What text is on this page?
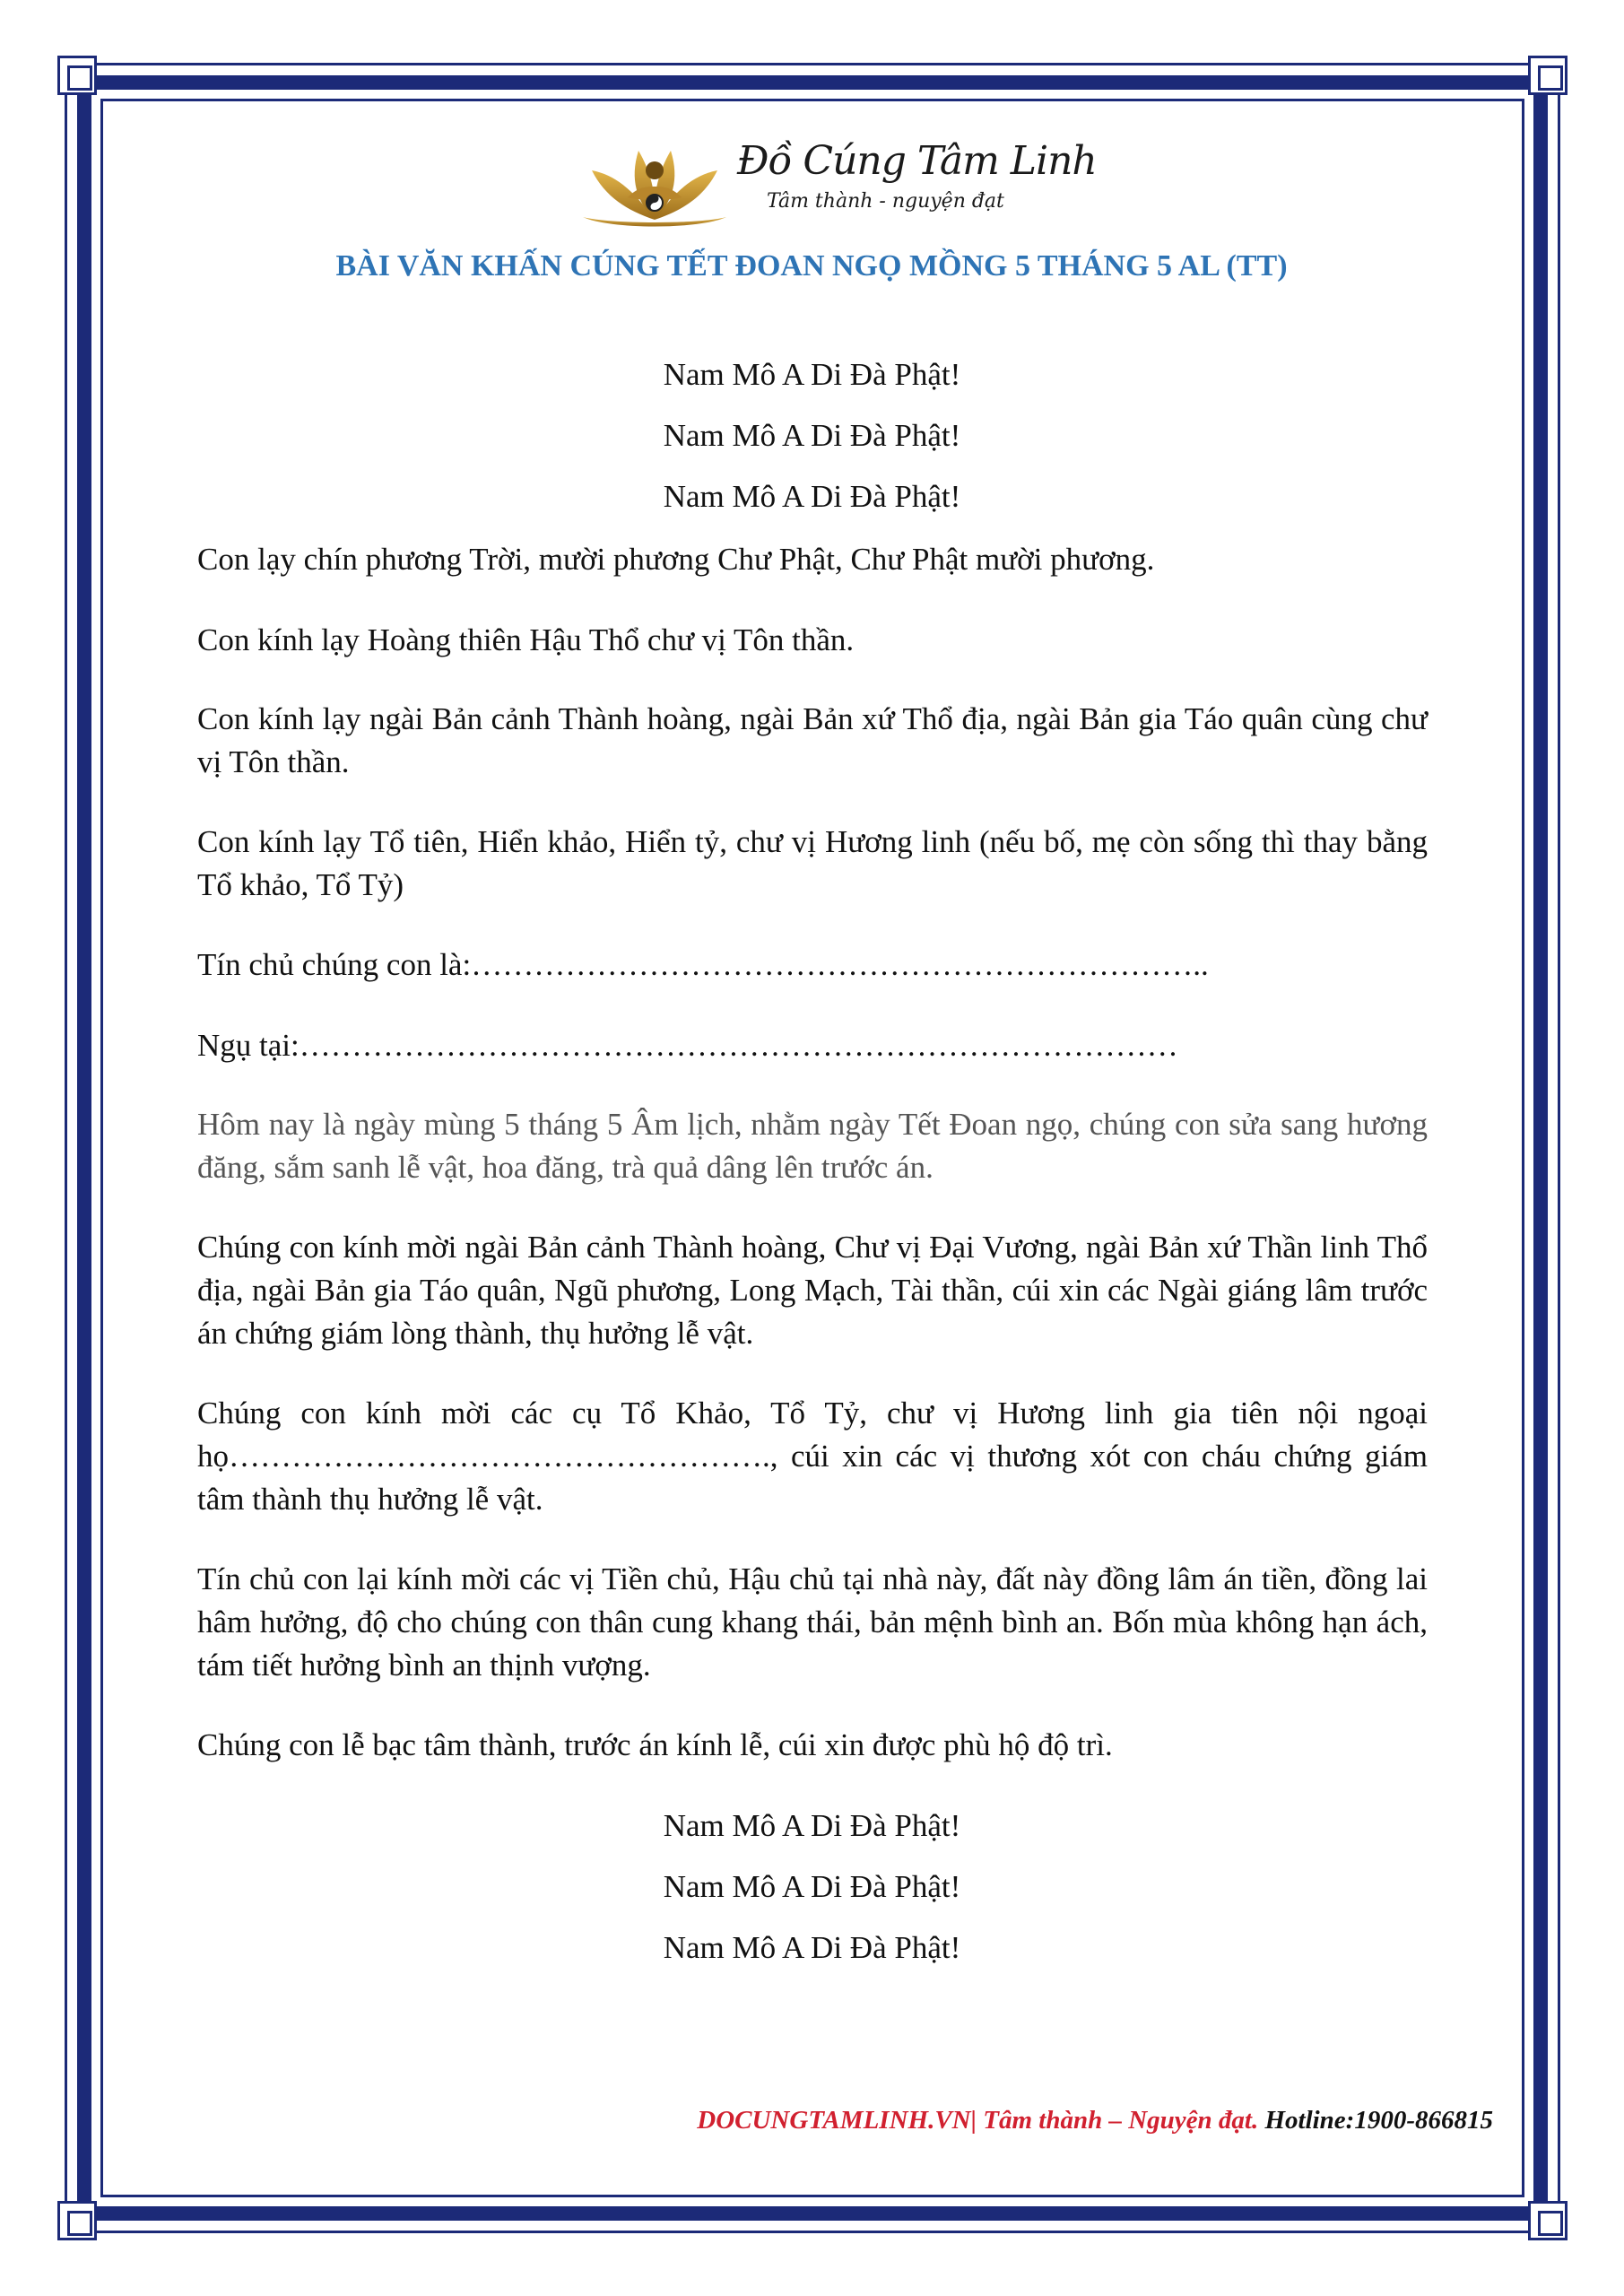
Đồ Cúng Tâm Linh
Tâm thành - nguyện đạt
BÀI VĂN KHẤN CÚNG TẾT ĐOAN NGỌ MỒNG 5 THÁNG 5 AL (TT)
Nam Mô A Di Đà Phật!
Nam Mô A Di Đà Phật!
Nam Mô A Di Đà Phật!
Con lạy chín phương Trời, mười phương Chư Phật, Chư Phật mười phương.
Con kính lạy Hoàng thiên Hậu Thổ chư vị Tôn thần.
Con kính lạy ngài Bản cảnh Thành hoàng, ngài Bản xứ Thổ địa, ngài Bản gia Táo quân cùng chư vị Tôn thần.
Con kính lạy Tổ tiên, Hiển khảo, Hiển tỷ, chư vị Hương linh (nếu bố, mẹ còn sống thì thay bằng Tổ khảo, Tổ Tỷ)
Tín chủ chúng con là:……………………………………………………………..
Ngụ tại:…………………………………………………………………………
Hôm nay là ngày mùng 5 tháng 5 Âm lịch, nhằm ngày Tết Đoan ngọ, chúng con sửa sang hương đăng, sắm sanh lễ vật, hoa đăng, trà quả dâng lên trước án.
Chúng con kính mời ngài Bản cảnh Thành hoàng, Chư vị Đại Vương, ngài Bản xứ Thần linh Thổ địa, ngài Bản gia Táo quân, Ngũ phương, Long Mạch, Tài thần, cúi xin các Ngài giáng lâm trước án chứng giám lòng thành, thụ hưởng lễ vật.
Chúng con kính mời các cụ Tổ Khảo, Tổ Tỷ, chư vị Hương linh gia tiên nội ngoại họ……………………………………………., cúi xin các vị thương xót con cháu chứng giám tâm thành thụ hưởng lễ vật.
Tín chủ con lại kính mời các vị Tiền chủ, Hậu chủ tại nhà này, đất này đồng lâm án tiền, đồng lai hâm hưởng, độ cho chúng con thân cung khang thái, bản mệnh bình an. Bốn mùa không hạn ách, tám tiết hưởng bình an thịnh vượng.
Chúng con lễ bạc tâm thành, trước án kính lễ, cúi xin được phù hộ độ trì.
Nam Mô A Di Đà Phật!
Nam Mô A Di Đà Phật!
Nam Mô A Di Đà Phật!
DOCUNGTAMLINH.VN| Tâm thành – Nguyện đạt. Hotline:1900-866815
